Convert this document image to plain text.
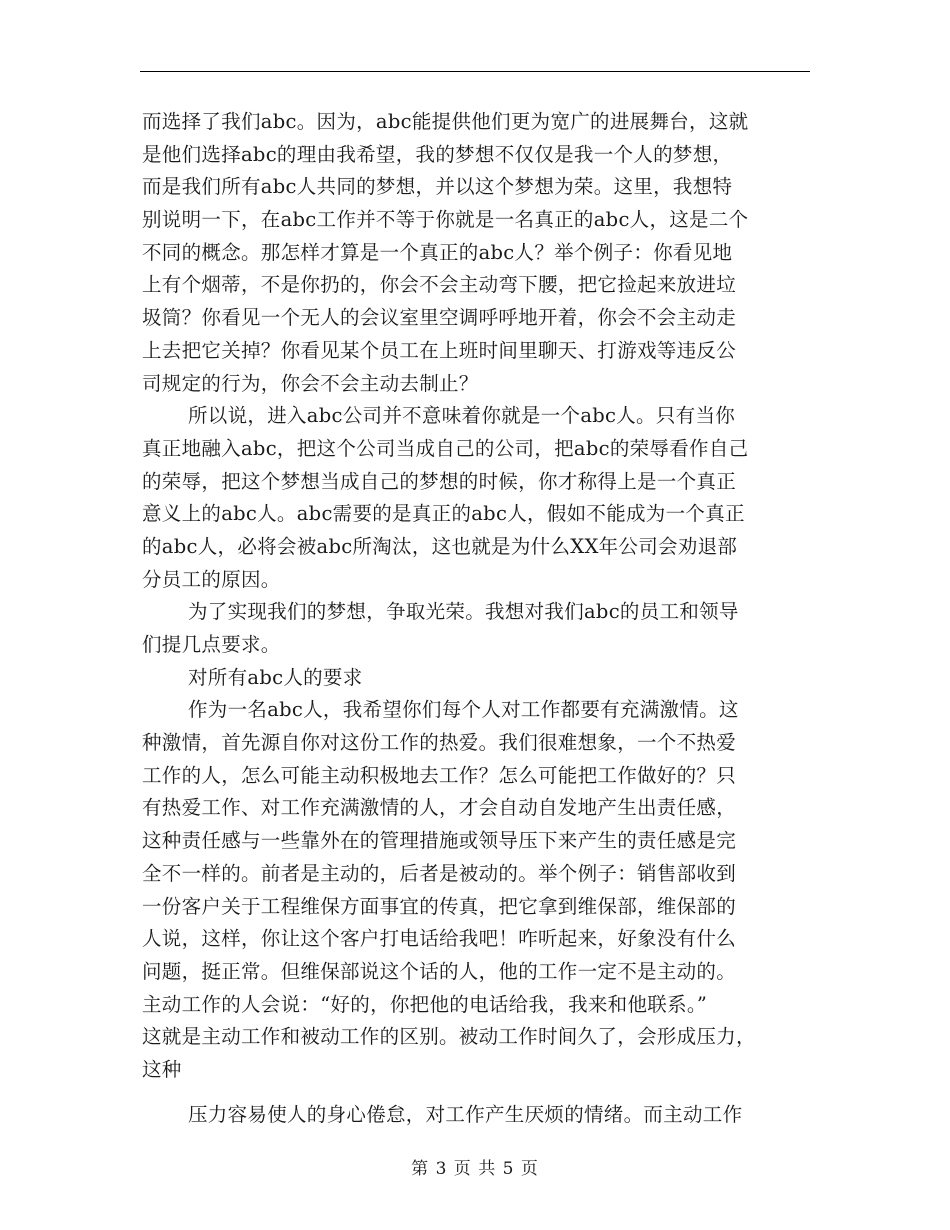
而选择了我们abc。因为，abc能提供他们更为宽广的进展舞台，这就
是他们选择abc的理由我希望，我的梦想不仅仅是我一个人的梦想，
而是我们所有abc人共同的梦想，并以这个梦想为荣。这里，我想特
别说明一下，在abc工作并不等于你就是一名真正的abc人，这是二个
不同的概念。那怎样才算是一个真正的abc人？举个例子：你看见地
上有个烟蒂，不是你扔的，你会不会主动弯下腰，把它捡起来放进垃
圾筒？你看见一个无人的会议室里空调呼呼地开着，你会不会主动走
上去把它关掉？你看见某个员工在上班时间里聊天、打游戏等违反公
司规定的行为，你会不会主动去制止？
所以说，进入abc公司并不意味着你就是一个abc人。只有当你
真正地融入abc，把这个公司当成自己的公司，把abc的荣辱看作自己
的荣辱，把这个梦想当成自己的梦想的时候，你才称得上是一个真正
意义上的abc人。abc需要的是真正的abc人，假如不能成为一个真正
的abc人，必将会被abc所淘汰，这也就是为什么XX年公司会劝退部
分员工的原因。
为了实现我们的梦想，争取光荣。我想对我们abc的员工和领导
们提几点要求。
对所有abc人的要求
作为一名abc人，我希望你们每个人对工作都要有充满激情。这
种激情，首先源自你对这份工作的热爱。我们很难想象，一个不热爱
工作的人，怎么可能主动积极地去工作？怎么可能把工作做好的？只
有热爱工作、对工作充满激情的人，才会自动自发地产生出责任感，
这种责任感与一些靠外在的管理措施或领导压下来产生的责任感是完
全不一样的。前者是主动的，后者是被动的。举个例子：销售部收到
一份客户关于工程维保方面事宜的传真，把它拿到维保部，维保部的
人说，这样，你让这个客户打电话给我吧！咋听起来，好象没有什么
问题，挺正常。但维保部说这个话的人，他的工作一定不是主动的。
主动工作的人会说：“好的，你把他的电话给我，我来和他联系。”
这就是主动工作和被动工作的区别。被动工作时间久了，会形成压力，
这种
压力容易使人的身心倦怠，对工作产生厌烦的情绪。而主动工作
第 3 页 共 5 页
